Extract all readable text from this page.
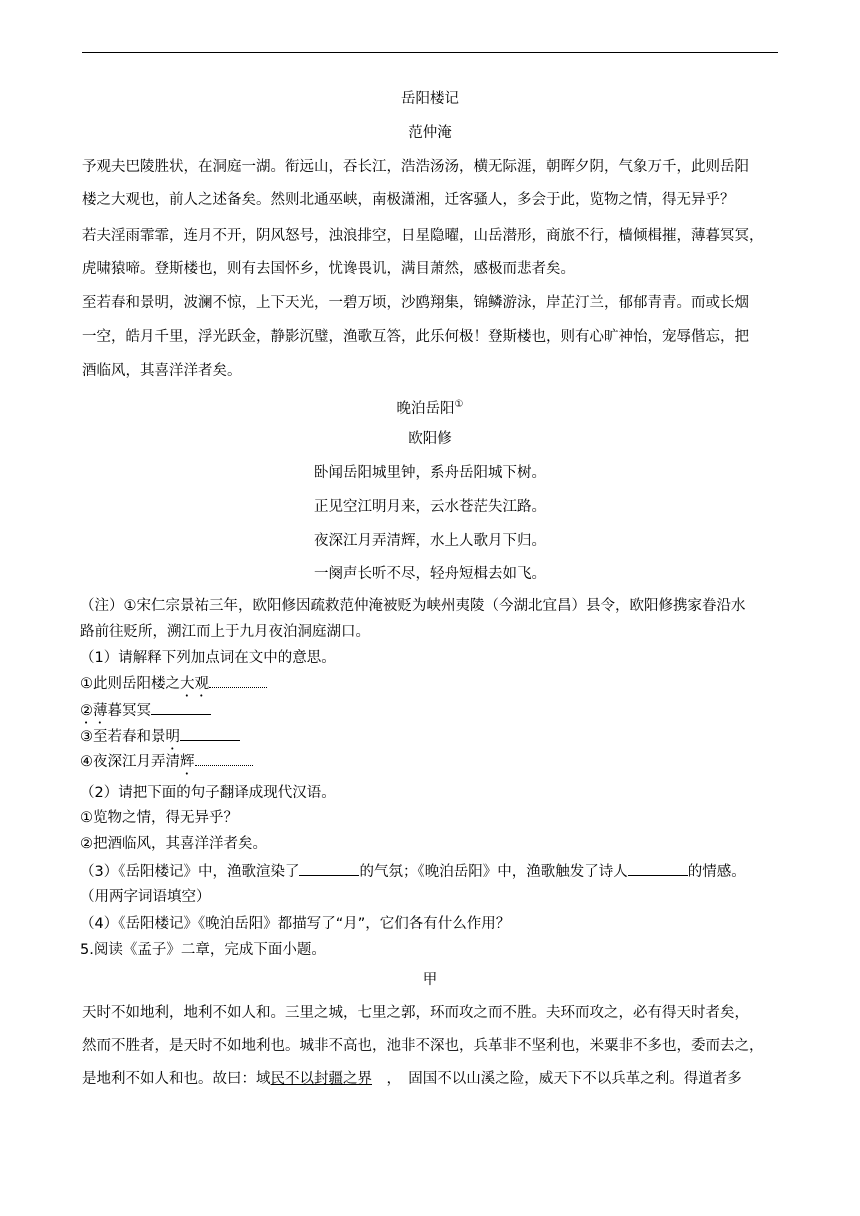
岳阳楼记
范仲淹
予观夫巴陵胜状，在洞庭一湖。衔远山，吞长江，浩浩汤汤，横无际涯，朝晖夕阴，气象万千，此则岳阳
楼之大观也，前人之述备矣。然则北通巫峡，南极潇湘，迁客骚人，多会于此，览物之情，得无异乎？
若夫淫雨霏霏，连月不开，阴风怒号，浊浪排空，日星隐曜，山岳潜形，商旅不行，樯倾楫摧，薄暮冥冥，
虎啸猿啼。登斯楼也，则有去国怀乡，忧谗畏讥，满目萧然，感极而悲者矣。
至若春和景明，波澜不惊，上下天光，一碧万顷，沙鸥翔集，锦鳞游泳，岸芷汀兰，郁郁青青。而或长烟
一空，皓月千里，浮光跃金，静影沉璧，渔歌互答，此乐何极！登斯楼也，则有心旷神怡，宠辱偕忘，把
酒临风，其喜洋洋者矣。
晚泊岳阳①
欧阳修
卧闻岳阳城里钟，系舟岳阳城下树。
正见空江明月来，云水苍茫失江路。
夜深江月弄清辉，水上人歌月下归。
一阕声长听不尽，轻舟短楫去如飞。
（注）①宋仁宗景祐三年，欧阳修因疏救范仲淹被贬为峡州夷陵（今湖北宜昌）县令，欧阳修携家眷沿水
路前往贬所，溯江而上于九月夜泊洞庭湖口。
（1）请解释下列加点词在文中的意思。
①此则岳阳楼之大观
②薄暮冥冥
③至若春和景明
④夜深江月弄清辉
（2）请把下面的句子翻译成现代汉语。
①览物之情，得无异乎？
②把酒临风，其喜洋洋者矣。
（3）《岳阳楼记》中，渔歌渲染了	的气氛；《晚泊岳阳》中，渔歌触发了诗人	的情感。
（用两字词语填空）
（4）《岳阳楼记》《晚泊岳阳》都描写了“月”，它们各有什么作用？
5.阅读《孟子》二章，完成下面小题。
甲
天时不如地利，地利不如人和。三里之城，七里之郭，环而攻之而不胜。夫环而攻之，必有得天时者矣，
然而不胜者，是天时不如地利也。城非不高也，池非不深也，兵革非不坚利也，米粟非不多也，委而去之，
是地利不如人和也。故曰：域民不以封疆之界　，　固国不以山溪之险，威天下不以兵革之利。得道者多
